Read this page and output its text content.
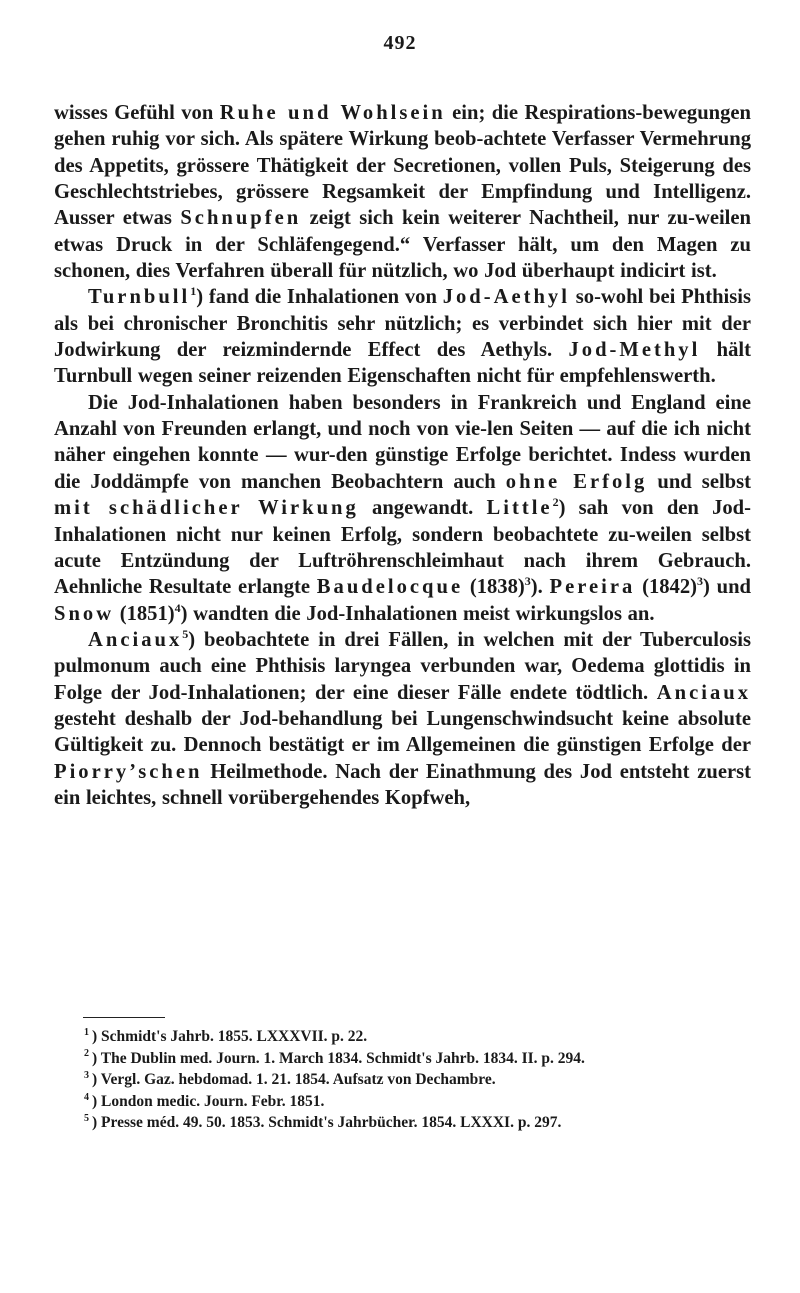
492

wisses Gefühl von Ruhe und Wohlsein ein; die Respirations-bewegungen gehen ruhig vor sich. Als spätere Wirkung beob-achtete Verfasser Vermehrung des Appetits, grössere Thätigkeit der Secretionen, vollen Puls, Steigerung des Geschlechtstriebes, grössere Regsamkeit der Empfindung und Intelligenz. Ausser etwas Schnupfen zeigt sich kein weiterer Nachtheil, nur zu-weilen etwas Druck in der Schläfengegend.“ Verfasser hält, um den Magen zu schonen, dies Verfahren überall für nützlich, wo Jod überhaupt indicirt ist.

Turnbull$^1$) fand die Inhalationen von Jod-Aethyl so-wohl bei Phthisis als bei chronischer Bronchitis sehr nützlich; es verbindet sich hier mit der Jodwirkung der reizmindernde Effect des Aethyls. Jod-Methyl hält Turnbull wegen seiner reizenden Eigenschaften nicht für empfehlenswerth.

Die Jod-Inhalationen haben besonders in Frankreich und England eine Anzahl von Freunden erlangt, und noch von vie-len Seiten — auf die ich nicht näher eingehen konnte — wur-den günstige Erfolge berichtet. Indess wurden die Joddämpfe von manchen Beobachtern auch ohne Erfolg und selbst mit schädlicher Wirkung angewandt. Little$^2$) sah von den Jod-Inhalationen nicht nur keinen Erfolg, sondern beobachtete zu-weilen selbst acute Entzündung der Luftröhrenschleimhaut nach ihrem Gebrauch. Aehnliche Resultate erlangte Baudelocque $(1838)^3$). Pereira $(1842)^3$) und Snow $(1851)^4$) wandten die Jod-Inhalationen meist wirkungslos an.

Anciaux$^5$) beobachtete in drei Fällen, in welchen mit der Tuberculosis pulmonum auch eine Phthisis laryngea verbunden war, Oedema glottidis in Folge der Jod-Inhalationen; der eine dieser Fälle endete tödtlich. Anciaux gesteht deshalb der Jod-behandlung bei Lungenschwindsucht keine absolute Gültigkeit zu. Dennoch bestätigt er im Allgemeinen die günstigen Erfolge der Piorry’schen Heilmethode. Nach der Einathmung des Jod entsteht zuerst ein leichtes, schnell vorübergehendes Kopfweh,

$^1$ ) Schmidt's Jahrb. 1855. LXXXVII. p. 22.
$^2$ ) The Dublin med. Journ. 1. March 1834. Schmidt's Jahrb. 1834. II. p. 294.
$^3$ ) Vergl. Gaz. hebdomad. 1. 21. 1854. Aufsatz von Dechambre.
$^4$ ) London medic. Journ. Febr. 1851.
$^5$ ) Presse méd. 49. 50. 1853. Schmidt's Jahrbücher. 1854. LXXXI. p. 297.
